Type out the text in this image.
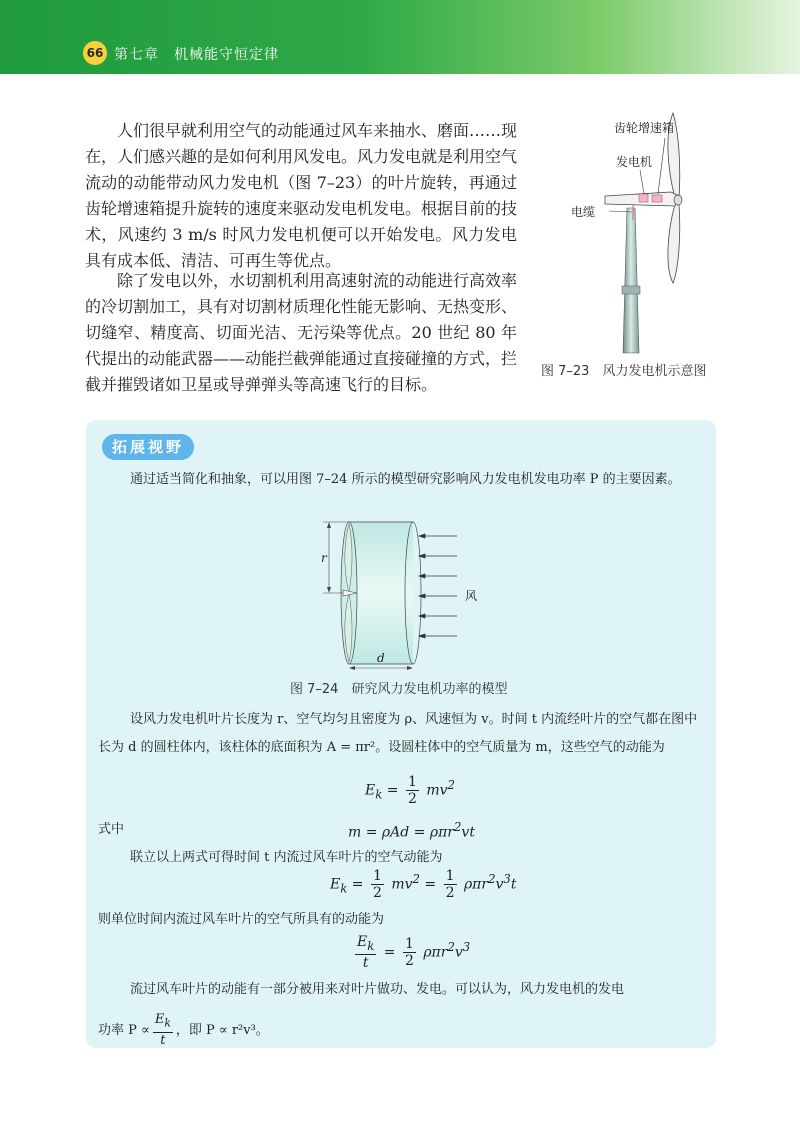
66 第七章　机械能守恒定律

人们很早就利用空气的动能通过风车来抽水、磨面……现在，人们感兴趣的是如何利用风发电。风力发电就是利用空气流动的动能带动风力发电机（图 7–23）的叶片旋转，再通过齿轮增速箱提升旋转的速度来驱动发电机发电。根据目前的技术，风速约 3 m/s 时风力发电机便可以开始发电。风力发电具有成本低、清洁、可再生等优点。

除了发电以外，水切割机利用高速射流的动能进行高效率的冷切割加工，具有对切割材质理化性能无影响、无热变形、切缝窄、精度高、切面光洁、无污染等优点。20 世纪 80 年代提出的动能武器——动能拦截弹能通过直接碰撞的方式，拦截并摧毁诸如卫星或导弹弹头等高速飞行的目标。

齿轮增速箱
发电机
电缆
图 7–23　风力发电机示意图
拓展视野

通过适当简化和抽象，可以用图 7–24 所示的模型研究影响风力发电机发电功率 P 的主要因素。

r
风
d
图 7–24　研究风力发电机功率的模型

设风力发电机叶片长度为 r、空气均匀且密度为 ρ、风速恒为 v。时间 t 内流经叶片的空气都在图中长为 d 的圆柱体内，该柱体的底面积为 A = πr²。设圆柱体中的空气质量为 m，这些空气的动能为

$E_k = \frac{1}{2} mv^2$
式中	m = ρAd = ρπr$^2$vt

联立以上两式可得时间 t 内流过风车叶片的空气动能为

$E_k = \frac{1}{2} mv^2 = \frac{1}{2} \rho\pi r^2v^3t$

则单位时间内流过风车叶片的空气所具有的动能为

$\frac{E_k}{t} = \frac{1}{2} \rho\pi r^2v^3$

流过风车叶片的动能有一部分被用来对叶片做功、发电。可以认为，风力发电机的发电

功率 $P \propto \frac{E_k}{t}$ ，即 P ∝ r²v³。
